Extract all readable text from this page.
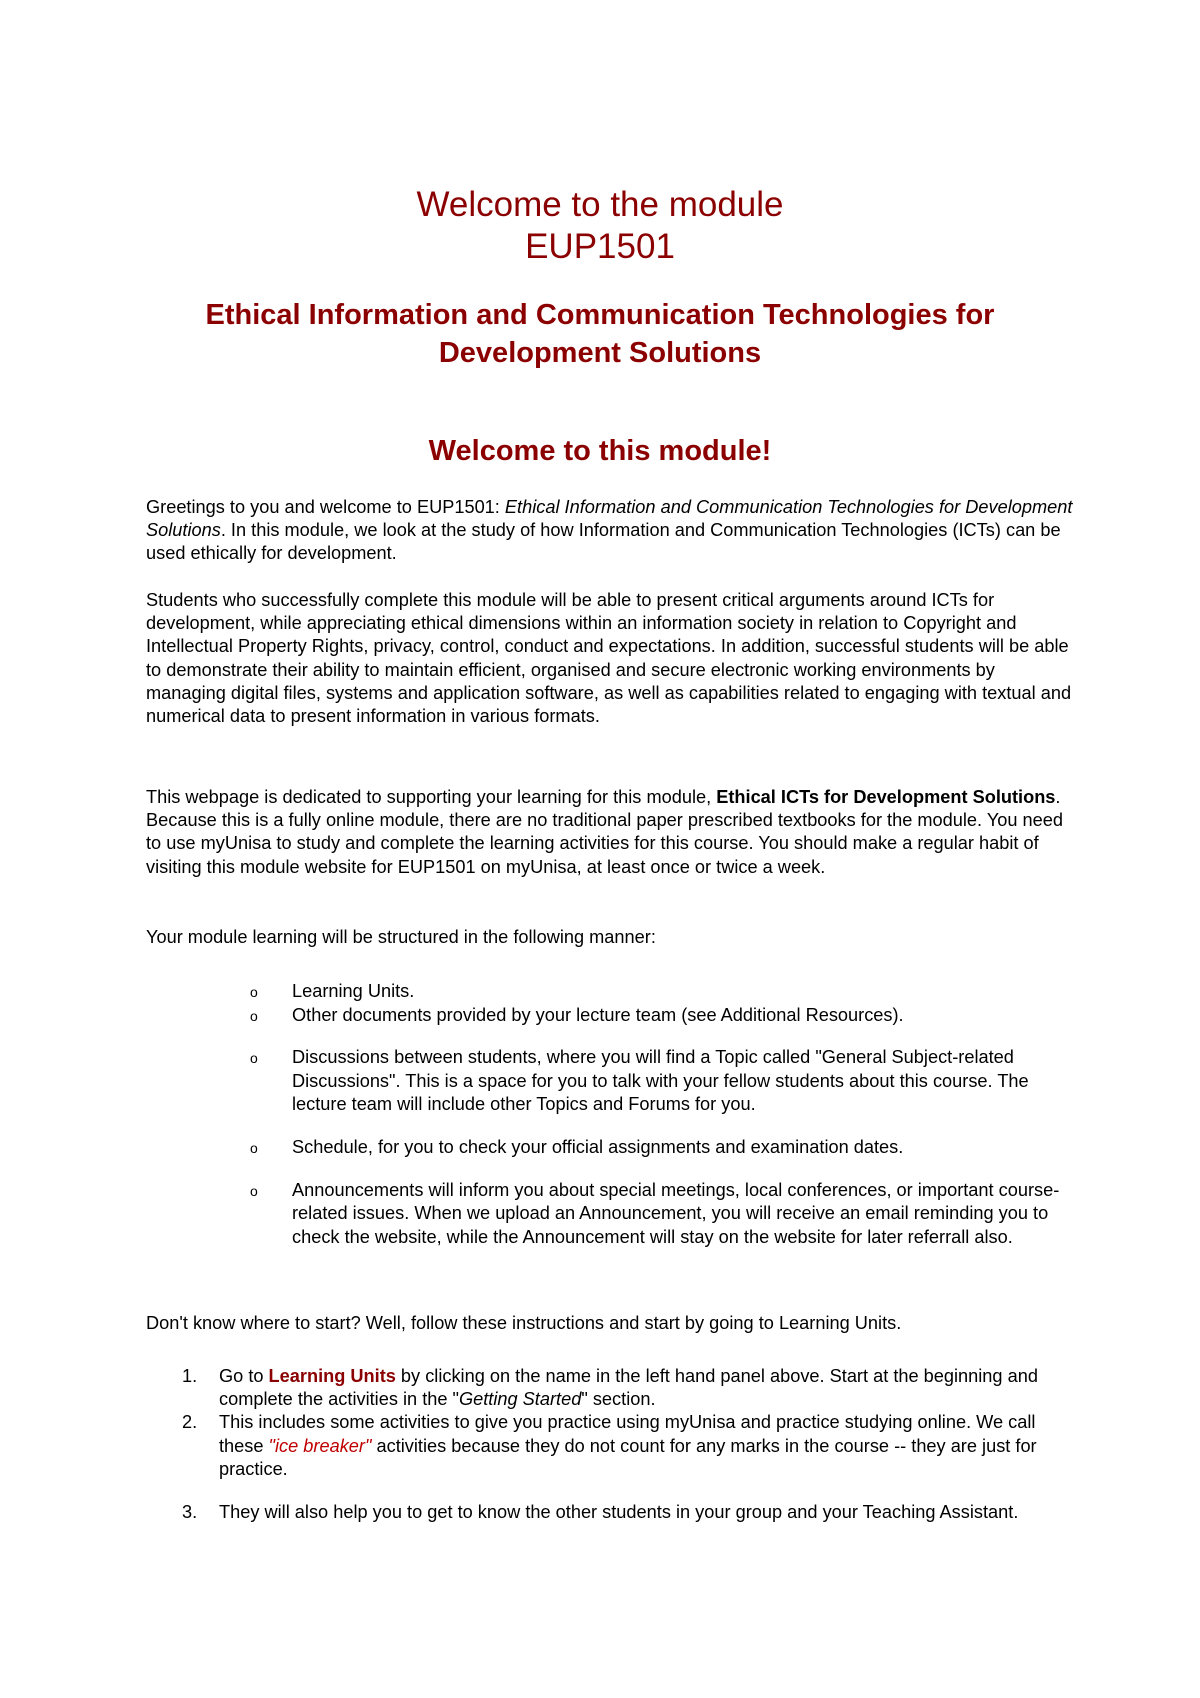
Welcome to the module
EUP1501
Ethical Information and Communication Technologies for
Development Solutions
Welcome to this module!

Greetings to you and welcome to EUP1501: Ethical Information and Communication Technologies for Development Solutions. In this module, we look at the study of how Information and Communication Technologies (ICTs) can be used ethically for development.

Students who successfully complete this module will be able to present critical arguments around ICTs for development, while appreciating ethical dimensions within an information society in relation to Copyright and Intellectual Property Rights, privacy, control, conduct and expectations. In addition, successful students will be able to demonstrate their ability to maintain efficient, organised and secure electronic working environments by managing digital files, systems and application software, as well as capabilities related to engaging with textual and numerical data to present information in various formats.

This webpage is dedicated to supporting your learning for this module, Ethical ICTs for Development Solutions. Because this is a fully online module, there are no traditional paper prescribed textbooks for the module. You need to use myUnisa to study and complete the learning activities for this course. You should make a regular habit of visiting this module website for EUP1501 on myUnisa, at least once or twice a week.

Your module learning will be structured in the following manner:

o Learning Units.
o Other documents provided by your lecture team (see Additional Resources).
o Discussions between students, where you will find a Topic called "General Subject-related Discussions". This is a space for you to talk with your fellow students about this course. The lecture team will include other Topics and Forums for you.
o Schedule, for you to check your official assignments and examination dates.
o Announcements will inform you about special meetings, local conferences, or important course-related issues. When we upload an Announcement, you will receive an email reminding you to check the website, while the Announcement will stay on the website for later referrall also.

Don't know where to start? Well, follow these instructions and start by going to Learning Units.

1. Go to Learning Units by clicking on the name in the left hand panel above. Start at the beginning and complete the activities in the "Getting Started" section.
2. This includes some activities to give you practice using myUnisa and practice studying online. We call these "ice breaker" activities because they do not count for any marks in the course -- they are just for practice.
3. They will also help you to get to know the other students in your group and your Teaching Assistant.
